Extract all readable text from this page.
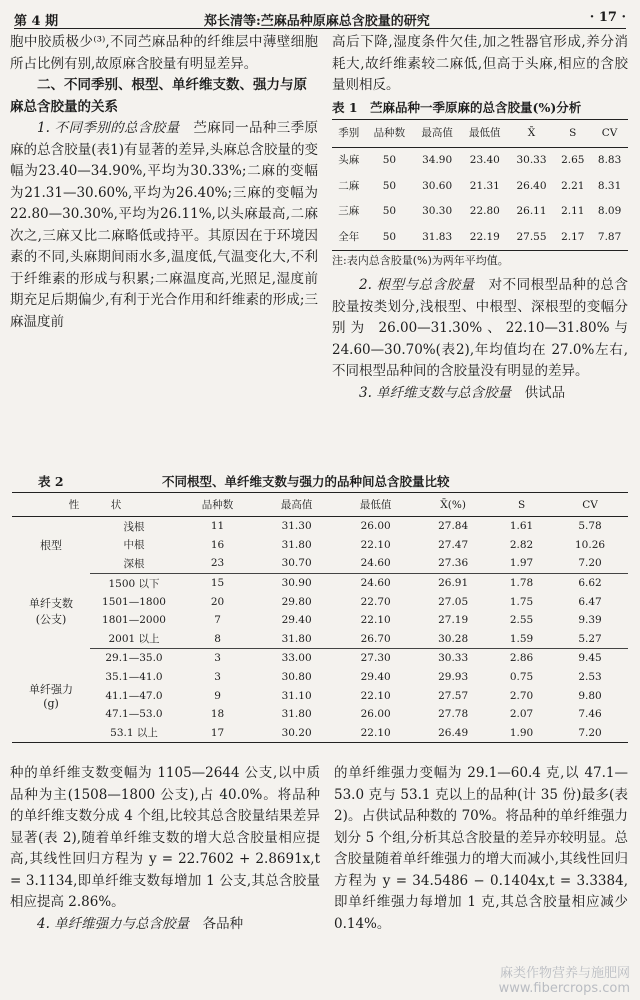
第 4 期	郑长清等:苎麻品种原麻总含胶量的研究	· 17 ·

胞中胶质极少⁽³⁾,不同苎麻品种的纤维层中薄壁细胞所占比例有别,故原麻含胶量有明显差异。

二、不同季别、根型、单纤维支数、强力与原麻总含胶量的关系

1. 不同季别的总含胶量　 苎麻同一品种三季原麻的总含胶量(表1)有显著的差异,头麻总含胶量的变幅为23.40—34.90%,平均为30.33%;二麻的变幅为21.31—30.60%,平均为26.40%;三麻的变幅为22.80—30.30%,平均为26.11%,以头麻最高,二麻次之,三麻又比二麻略低或持平。其原因在于环境因素的不同,头麻期间雨水多,温度低,气温变化大,不利于纤维素的形成与积累;二麻温度高,光照足,湿度前期充足后期偏少,有利于光合作用和纤维素的形成;三麻温度前

高后下降,湿度条件欠佳,加之牲器官形成,养分消耗大,故纤维素较二麻低,但高于头麻,相应的含胶量则相反。

表 1　苎麻品种一季原麻的总含胶量(%)分析

季别	品种数	最高值	最低值	X̄	S	CV
头麻	50	34.90	23.40	30.33	2.65	8.83
二麻	50	30.60	21.31	26.40	2.21	8.31
三麻	50	30.30	22.80	26.11	2.11	8.09
全年	50	31.83	22.19	27.55	2.17	7.87

注:表内总含胶量(%)为两年平均值。

2. 根型与总含胶量　 对不同根型品种的总含胶量按类划分,浅根型、中根型、深根型的变幅分别为 26.00—31.30%、22.10—31.80%与 24.60—30.70%(表2),年均值均在 27.0%左右,不同根型品种间的含胶量没有明显的差异。

3. 单纤维支数与总含胶量　 供试品

表 2	不同根型、单纤维支数与强力的品种间总含胶量比较
性　　　状		品种数	最高值	最低值	X̄(%)	S	CV

根型	浅根	11	31.30	26.00	27.84	1.61	5.78
	中根	16	31.80	22.10	27.47	2.82	10.26
	深根	23	30.70	24.60	27.36	1.97	7.20

单纤支数
(公支)	1500 以下	15	30.90	24.60	26.91	1.78	6.62
	1501—1800	20	29.80	22.70	27.05	1.75	6.47
	1801—2000	7	29.40	22.10	27.19	2.55	9.39
	2001 以上	8	31.80	26.70	30.28	1.59	5.27

单纤强力
(g)	29.1—35.0	3	33.00	27.30	30.33	2.86	9.45
	35.1—41.0	3	30.80	29.40	29.93	0.75	2.53
	41.1—47.0	9	31.10	22.10	27.57	2.70	9.80
	47.1—53.0	18	31.80	26.00	27.78	2.07	7.46
	53.1 以上	17	30.20	22.10	26.49	1.90	7.20

种的单纤维支数变幅为 1105—2644 公支,以中质品种为主(1508—1800 公支),占 40.0%。将品种的单纤维支数分成 4 个组,比较其总含胶量结果差异显著(表 2),随着单纤维支数的增大总含胶量相应提高,其线性回归方程为 y = 22.7602 + 2.8691x,t = 3.1134,即单纤维支数每增加 1 公支,其总含胶量相应提高 2.86%。

4. 单纤维强力与总含胶量　 各品种

的单纤维强力变幅为 29.1—60.4 克,以 47.1—53.0 克与 53.1 克以上的品种(计 35 份)最多(表 2)。占供试品种数的 70%。将品种的单纤维强力划分 5 个组,分析其总含胶量的差异亦较明显。总含胶量随着单纤维强力的增大而减小,其线性回归方程为 y = 34.5486 − 0.1404x,t = 3.3384,即单纤维强力每增加 1 克,其总含胶量相应减少 0.14%。

麻类作物营养与施肥网
www.fibercrops.com
